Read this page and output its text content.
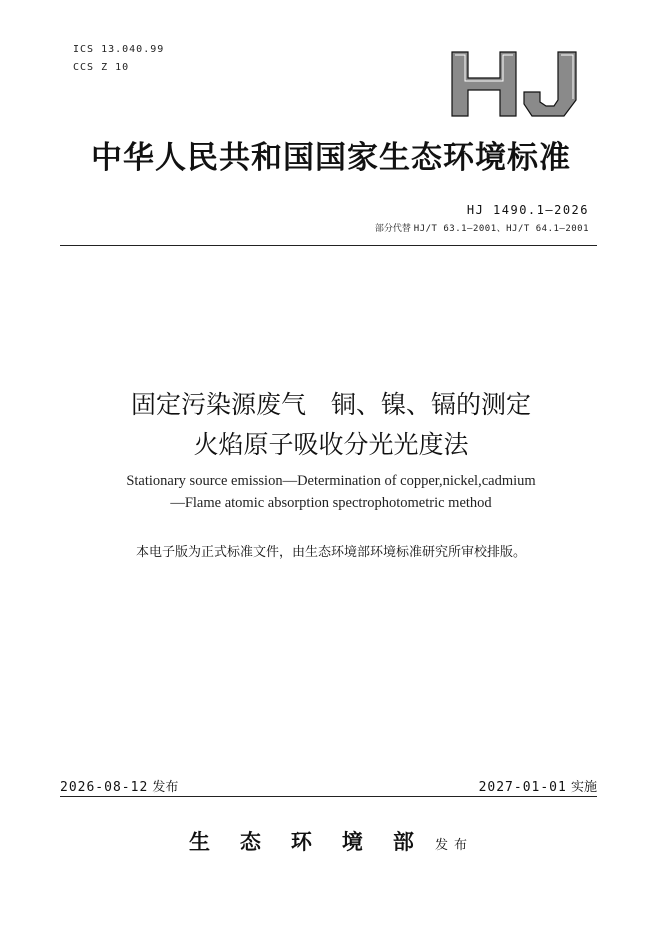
ICS 13.040.99
CCS Z 10
中华人民共和国国家生态环境标准
HJ 1490.1—2026
部分代替 HJ/T 63.1—2001、HJ/T 64.1—2001
固定污染源废气　铜、镍、镉的测定
火焰原子吸收分光光度法
Stationary source emission—Determination of copper,nickel,cadmium
—Flame atomic absorption spectrophotometric method
本电子版为正式标准文件，由生态环境部环境标准研究所审校排版。
2026-08-12 发布	2027-01-01 实施
生态环境部 发布
